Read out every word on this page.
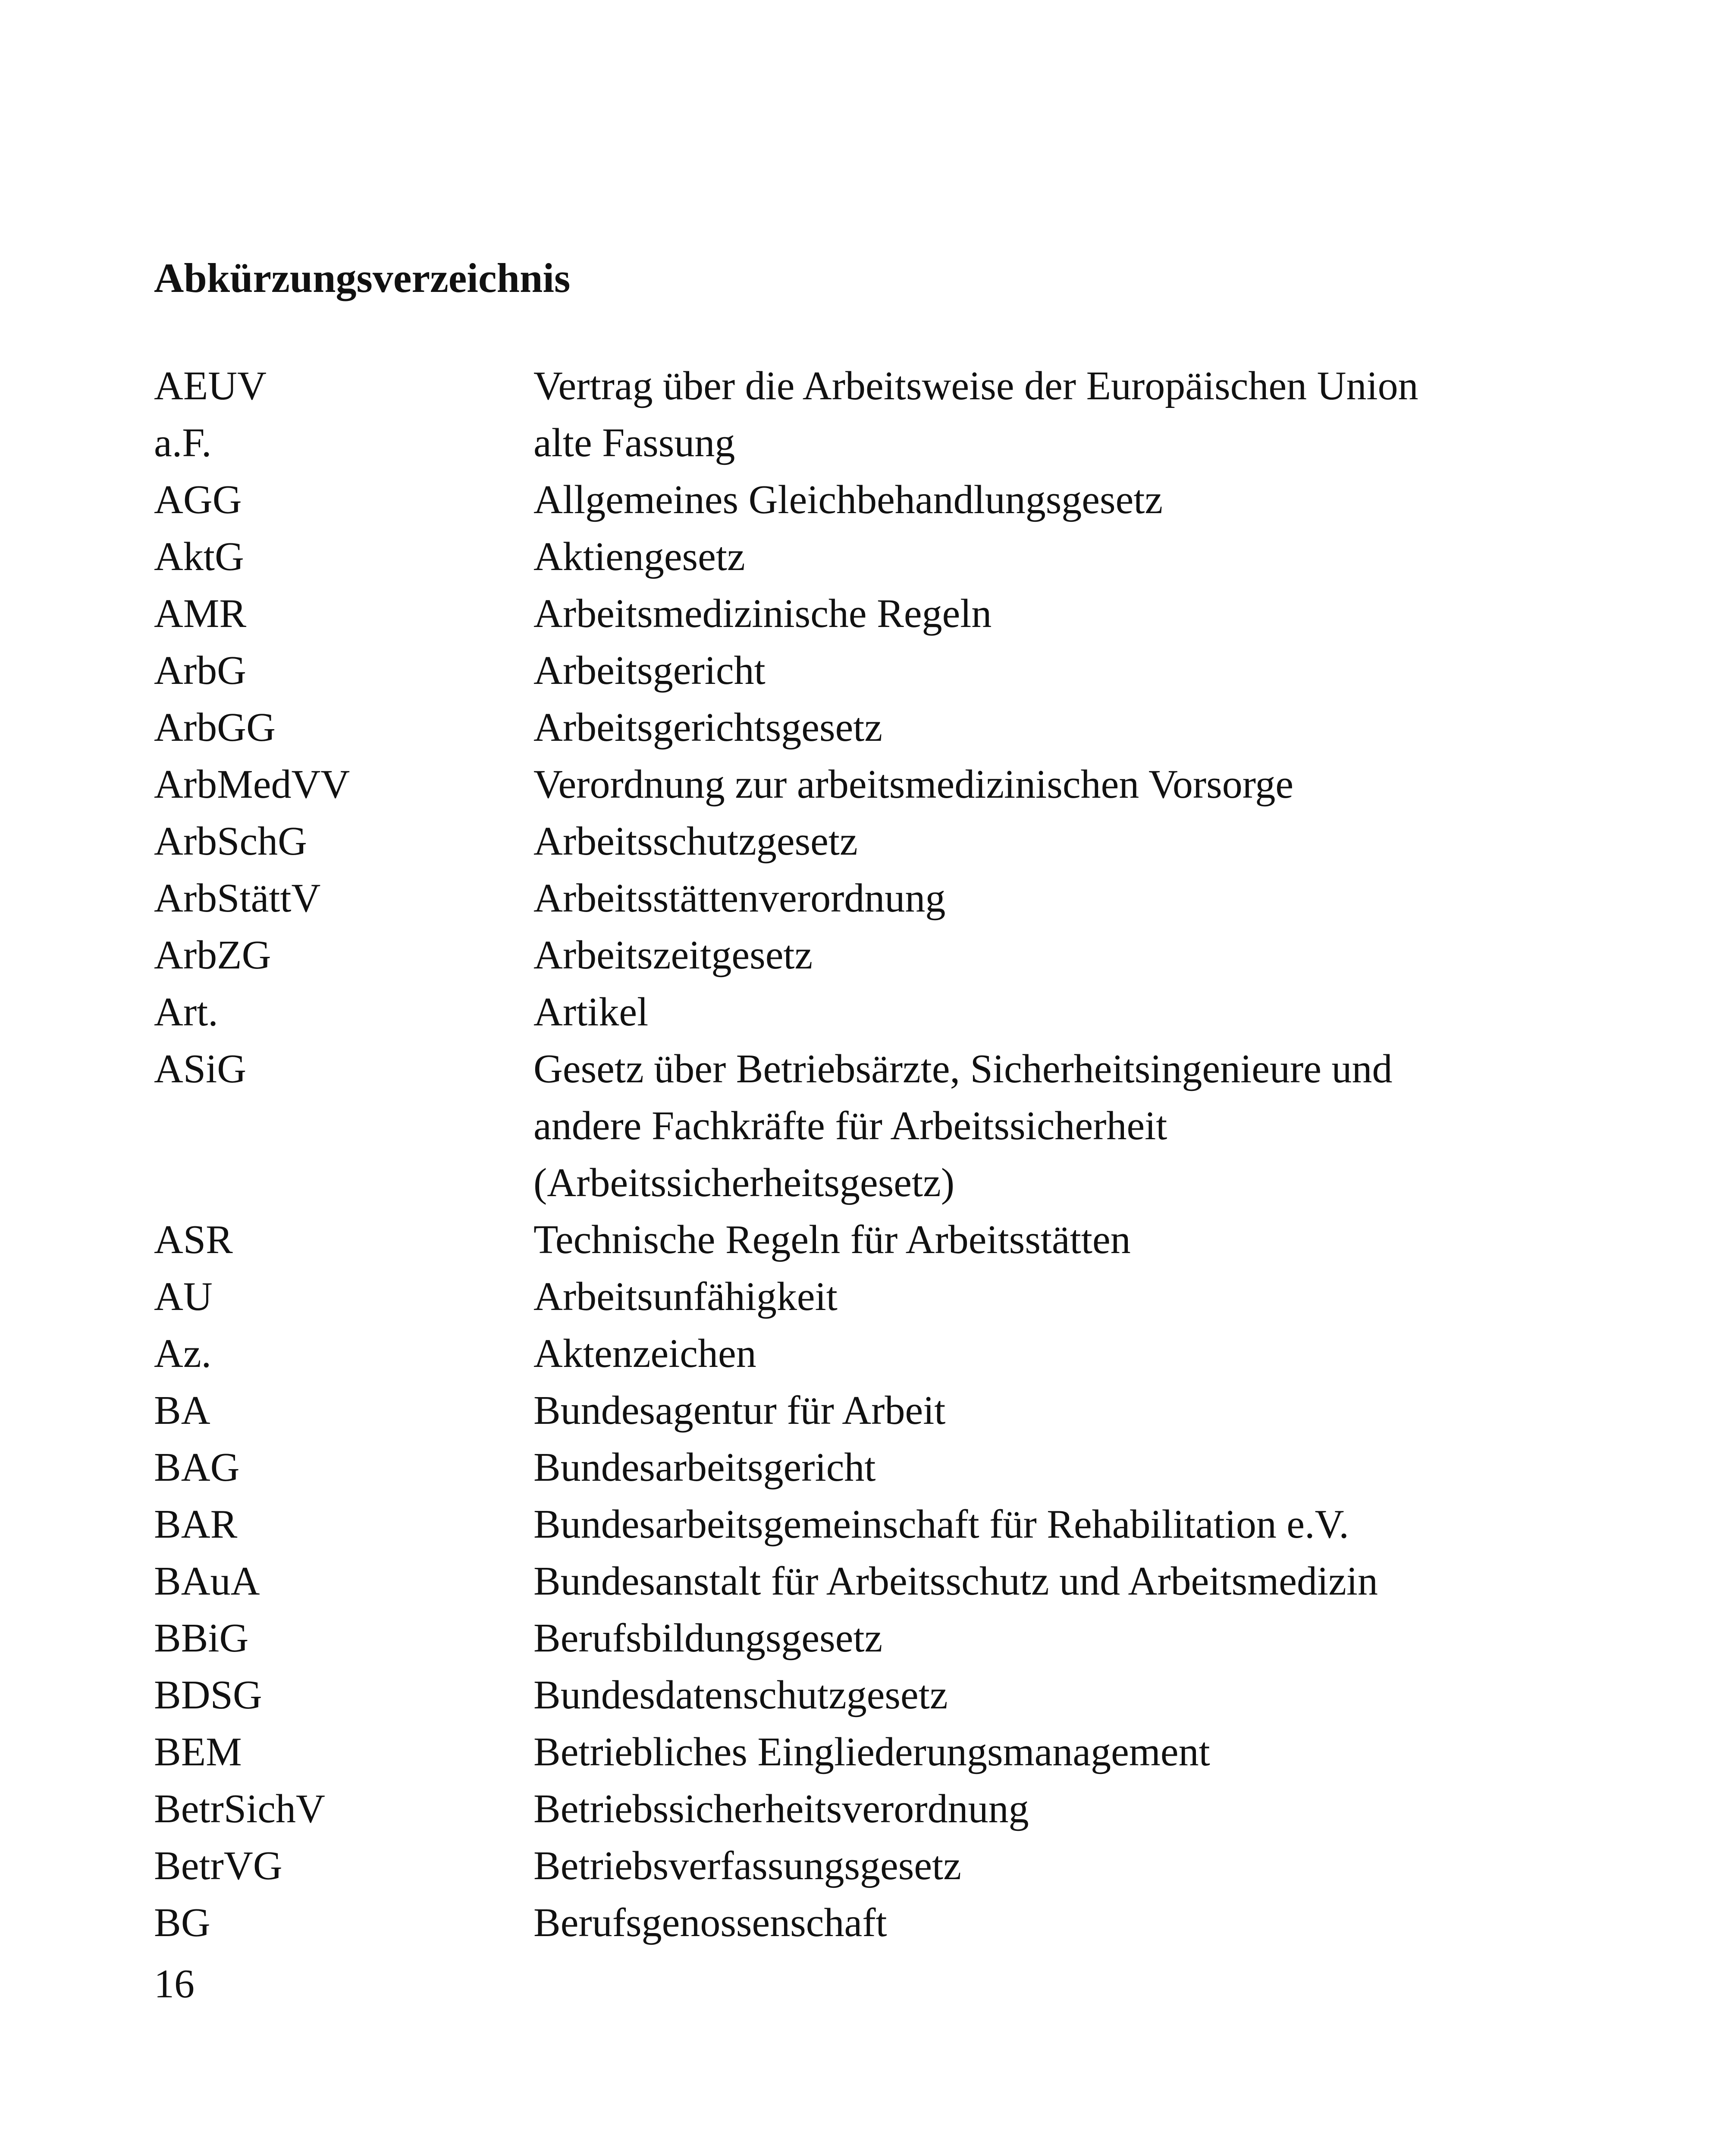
Abkürzungsverzeichnis
AEUV	Vertrag über die Arbeitsweise der Europäischen Union
a.F.	alte Fassung
AGG	Allgemeines Gleichbehandlungsgesetz
AktG	Aktiengesetz
AMR	Arbeitsmedizinische Regeln
ArbG	Arbeitsgericht
ArbGG	Arbeitsgerichtsgesetz
ArbMedVV	Verordnung zur arbeitsmedizinischen Vorsorge
ArbSchG	Arbeitsschutzgesetz
ArbStättV	Arbeitsstättenverordnung
ArbZG	Arbeitszeitgesetz
Art.	Artikel
ASiG	Gesetz über Betriebsärzte, Sicherheitsingenieure und
andere Fachkräfte für Arbeitssicherheit
(Arbeitssicherheitsgesetz)
ASR	Technische Regeln für Arbeitsstätten
AU	Arbeitsunfähigkeit
Az.	Aktenzeichen
BA	Bundesagentur für Arbeit
BAG	Bundesarbeitsgericht
BAR	Bundesarbeitsgemeinschaft für Rehabilitation e.V.
BAuA	Bundesanstalt für Arbeitsschutz und Arbeitsmedizin
BBiG	Berufsbildungsgesetz
BDSG	Bundesdatenschutzgesetz
BEM	Betriebliches Eingliederungsmanagement
BetrSichV	Betriebssicherheitsverordnung
BetrVG	Betriebsverfassungsgesetz
BG	Berufsgenossenschaft
16
